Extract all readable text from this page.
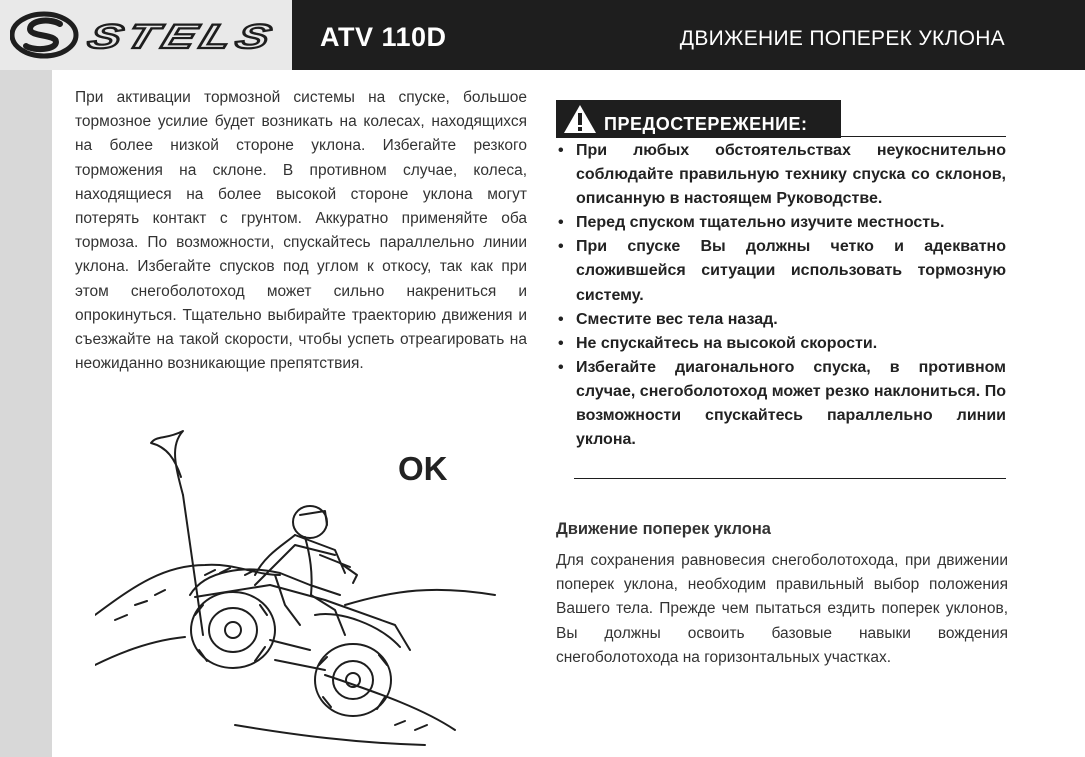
STELS	ATV 110D	ДВИЖЕНИЕ ПОПЕРЕК УКЛОНА

При активации тормозной системы на спуске, большое тормозное усилие будет возникать на колесах, находящихся на более низкой стороне уклона. Избегайте резкого торможения на склоне. В противном случае, колеса, находящиеся на более высокой стороне уклона могут потерять контакт с грунтом. Аккуратно применяйте оба тормоза. По возможности, спускайтесь параллельно линии уклона. Избегайте спусков под углом к откосу, так как при этом снегоболотоход может сильно накрениться и опрокинуться. Тщательно выбирайте траекторию движения и съезжайте на такой скорости, чтобы успеть отреагировать на неожиданно возникающие препятствия.

ПРЕДОСТЕРЕЖЕНИЕ:
• При любых обстоятельствах неукоснительно соблюдайте правильную технику спуска со склонов, описанную в настоящем Руководстве.
• Перед спуском тщательно изучите местность.
• При спуске Вы должны четко и адекватно сложившейся ситуации использовать тормозную систему.
• Сместите вес тела назад.
• Не спускайтесь на высокой скорости.
• Избегайте диагонального спуска, в противном случае, снегоболотоход может резко наклониться. По возможности спускайтесь параллельно линии уклона.
OK
Движение поперек уклона

Для сохранения равновесия снегоболотохода, при движении поперек уклона, необходим правильный выбор положения Вашего тела. Прежде чем пытаться ездить поперек уклонов, Вы должны освоить базовые навыки вождения снегоболотохода на горизонтальных участках.
